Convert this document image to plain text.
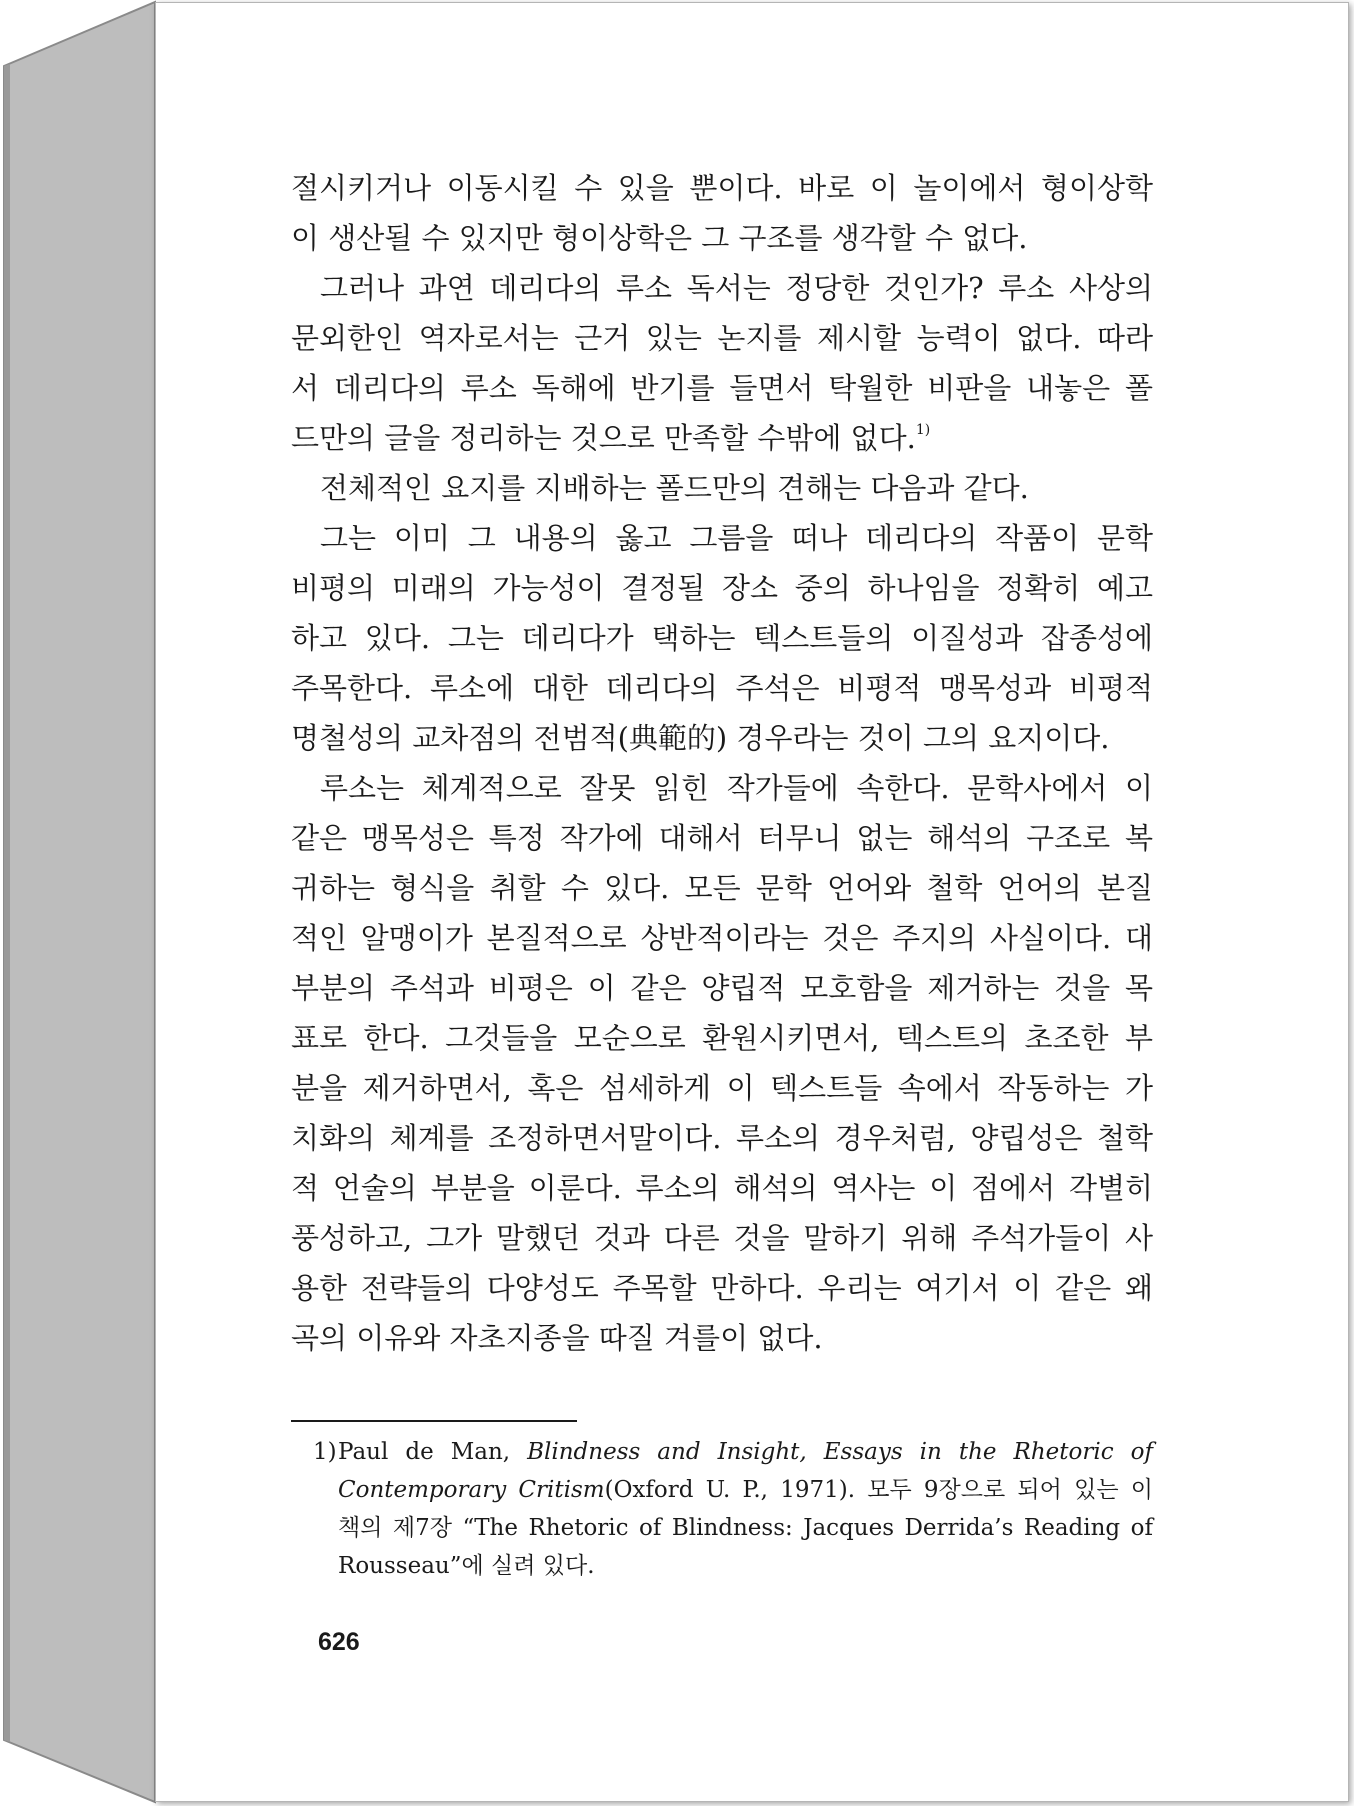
절시키거나 이동시킬 수 있을 뿐이다. 바로 이 놀이에서 형이상학
이 생산될 수 있지만 형이상학은 그 구조를 생각할 수 없다.
그러나 과연 데리다의 루소 독서는 정당한 것인가? 루소 사상의
문외한인 역자로서는 근거 있는 논지를 제시할 능력이 없다. 따라
서 데리다의 루소 독해에 반기를 들면서 탁월한 비판을 내놓은 폴
드만의 글을 정리하는 것으로 만족할 수밖에 없다.$^{1)}$
전체적인 요지를 지배하는 폴드만의 견해는 다음과 같다.
그는 이미 그 내용의 옳고 그름을 떠나 데리다의 작품이 문학
비평의 미래의 가능성이 결정될 장소 중의 하나임을 정확히 예고
하고 있다. 그는 데리다가 택하는 텍스트들의 이질성과 잡종성에
주목한다. 루소에 대한 데리다의 주석은 비평적 맹목성과 비평적
명철성의 교차점의 전범적(典範的) 경우라는 것이 그의 요지이다.
루소는 체계적으로 잘못 읽힌 작가들에 속한다. 문학사에서 이
같은 맹목성은 특정 작가에 대해서 터무니 없는 해석의 구조로 복
귀하는 형식을 취할 수 있다. 모든 문학 언어와 철학 언어의 본질
적인 알맹이가 본질적으로 상반적이라는 것은 주지의 사실이다. 대
부분의 주석과 비평은 이 같은 양립적 모호함을 제거하는 것을 목
표로 한다. 그것들을 모순으로 환원시키면서, 텍스트의 초조한 부
분을 제거하면서, 혹은 섬세하게 이 텍스트들 속에서 작동하는 가
치화의 체계를 조정하면서말이다. 루소의 경우처럼, 양립성은 철학
적 언술의 부분을 이룬다. 루소의 해석의 역사는 이 점에서 각별히
풍성하고, 그가 말했던 것과 다른 것을 말하기 위해 주석가들이 사
용한 전략들의 다양성도 주목할 만하다. 우리는 여기서 이 같은 왜
곡의 이유와 자초지종을 따질 겨를이 없다.
1)Paul de Man, Blindness and Insight, Essays in the Rhetoric of
Contemporary Critism(Oxford U. P., 1971). 모두 9장으로 되어 있는 이
책의 제7장 “The Rhetoric of Blindness: Jacques Derrida’s Reading of
Rousseau”에 실려 있다.
626
